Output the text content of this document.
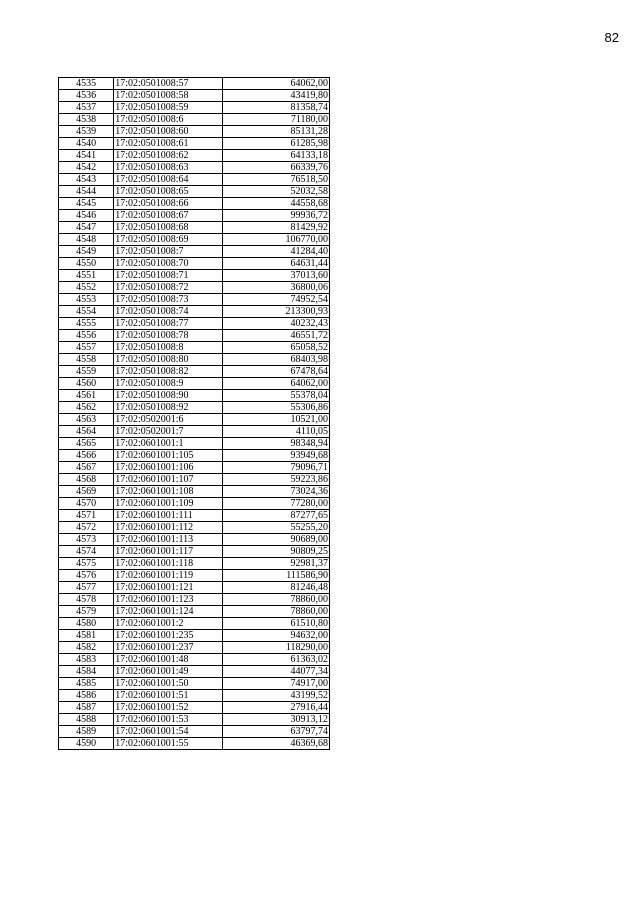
82
4535	17:02:0501008:57	64062,00
4536	17:02:0501008:58	43419,80
4537	17:02:0501008:59	81358,74
4538	17:02:0501008:6	71180,00
4539	17:02:0501008:60	85131,28
4540	17:02:0501008:61	61285,98
4541	17:02:0501008:62	64133,18
4542	17:02:0501008:63	66339,76
4543	17:02:0501008:64	76518,50
4544	17:02:0501008:65	52032,58
4545	17:02:0501008:66	44558,68
4546	17:02:0501008:67	99936,72
4547	17:02:0501008:68	81429,92
4548	17:02:0501008:69	106770,00
4549	17:02:0501008:7	41284,40
4550	17:02:0501008:70	64631,44
4551	17:02:0501008:71	37013,60
4552	17:02:0501008:72	36800,06
4553	17:02:0501008:73	74952,54
4554	17:02:0501008:74	213300,93
4555	17:02:0501008:77	40232,43
4556	17:02:0501008:78	46551,72
4557	17:02:0501008:8	65058,52
4558	17:02:0501008:80	68403,98
4559	17:02:0501008:82	67478,64
4560	17:02:0501008:9	64062,00
4561	17:02:0501008:90	55378,04
4562	17:02:0501008:92	55306,86
4563	17:02:0502001:6	10521,00
4564	17:02:0502001:7	4110,05
4565	17:02:0601001:1	98348,94
4566	17:02:0601001:105	93949,68
4567	17:02:0601001:106	79096,71
4568	17:02:0601001:107	59223,86
4569	17:02:0601001:108	73024,36
4570	17:02:0601001:109	77280,00
4571	17:02:0601001:111	87277,65
4572	17:02:0601001:112	55255,20
4573	17:02:0601001:113	90689,00
4574	17:02:0601001:117	90809,25
4575	17:02:0601001:118	92981,37
4576	17:02:0601001:119	111586,90
4577	17:02:0601001:121	81246,48
4578	17:02:0601001:123	78860,00
4579	17:02:0601001:124	78860,00
4580	17:02:0601001:2	61510,80
4581	17:02:0601001:235	94632,00
4582	17:02:0601001:237	118290,00
4583	17:02:0601001:48	61363,02
4584	17:02:0601001:49	44077,34
4585	17:02:0601001:50	74917,00
4586	17:02:0601001:51	43199,52
4587	17:02:0601001:52	27916,44
4588	17:02:0601001:53	30913,12
4589	17:02:0601001:54	63797,74
4590	17:02:0601001:55	46369,68
